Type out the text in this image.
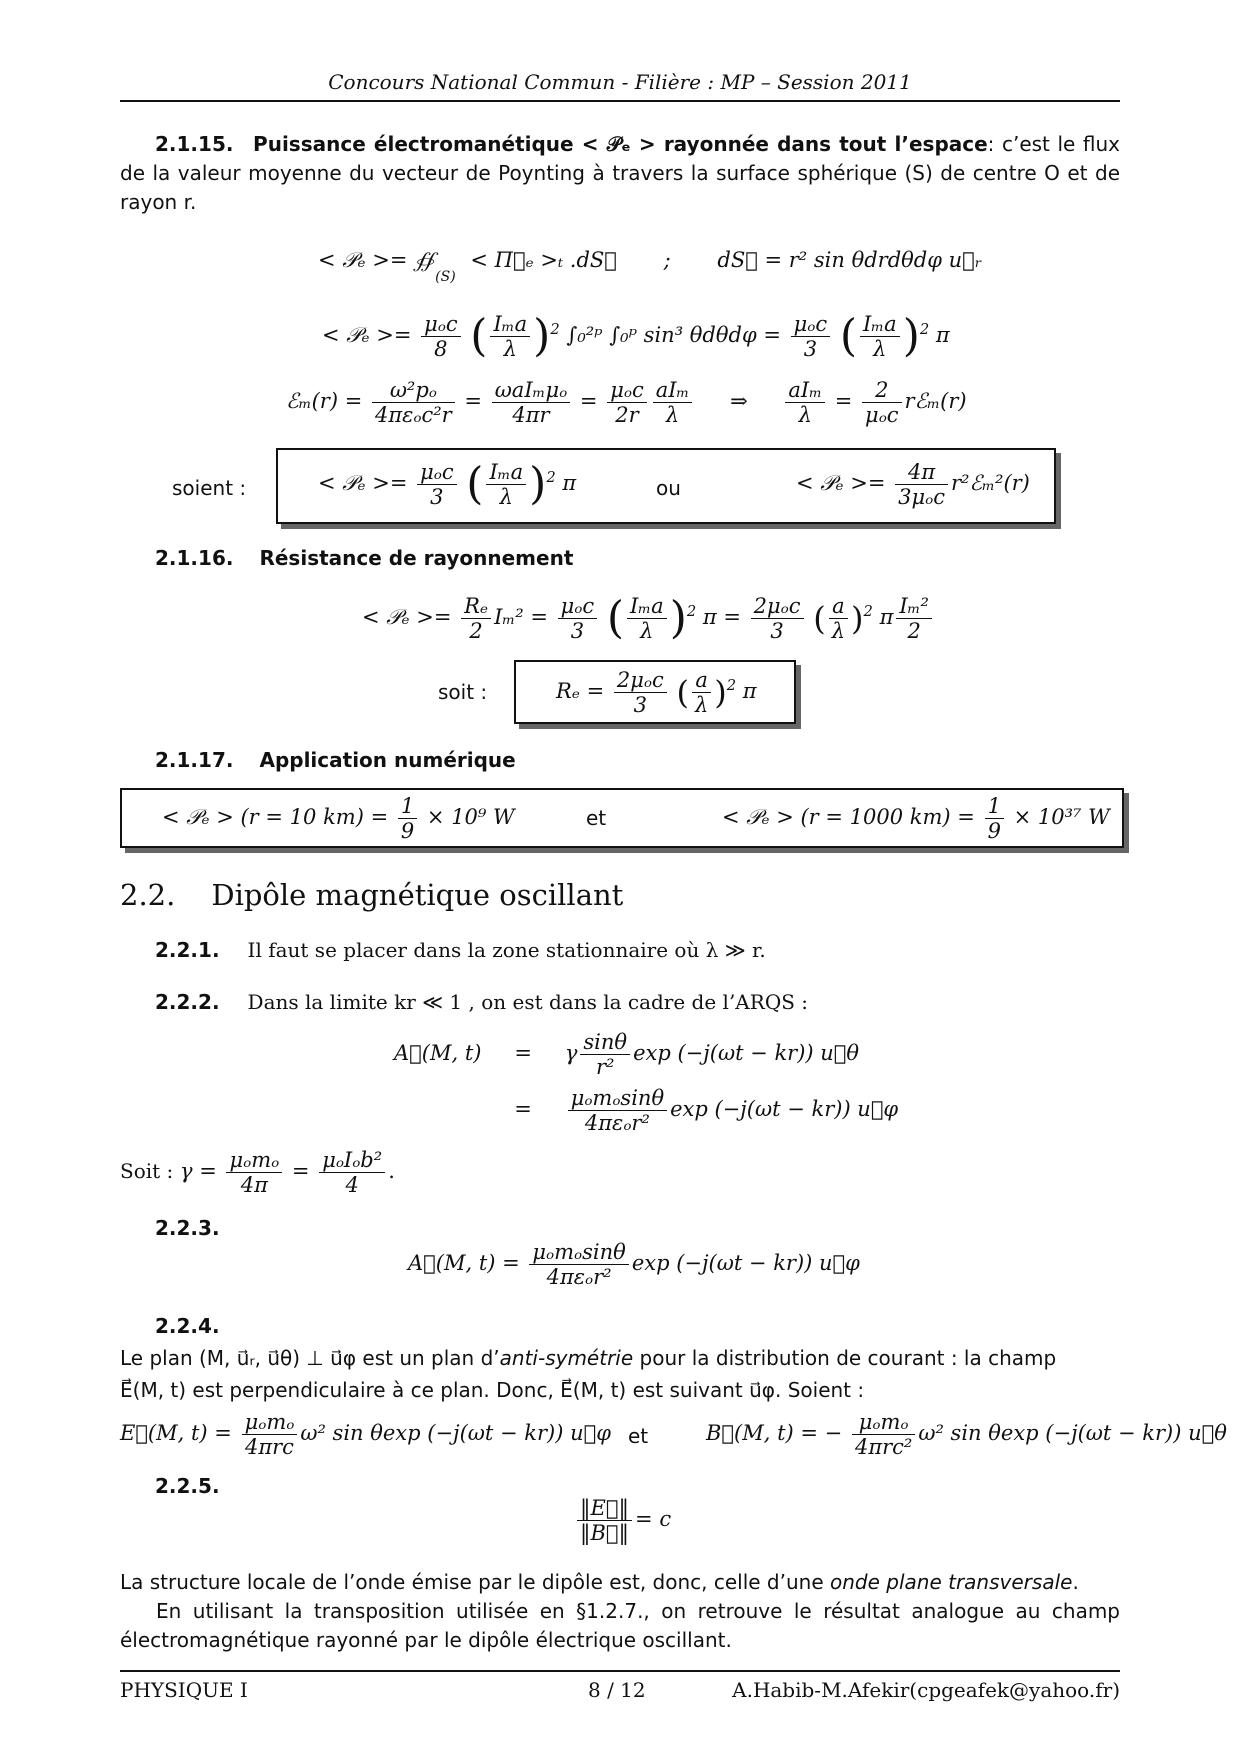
Concours National Commun - Filière : MP – Session 2011
2.1.15. Puissance électromanétique < 𝒫ₑ > rayonnée dans tout l’espace: c’est le flux de la valeur moyenne du vecteur de Poynting à travers la surface sphérique (S) de centre O et de rayon r.
< 𝒫ₑ >= $∯_{(S)}$ < Π⃗ₑ >ₜ .dS⃗ ; dS⃗ = r² sin θdrdθdφ u⃗ᵣ
< 𝒫ₑ >= $\frac{\text{μₒc}}{8}$ ( $\frac{\text{Iₘa}}{\lambda} )^2$ ∫₀²ᵖ ∫₀ᵖ sin³ $\theta d\theta d\varphi = \frac{\text{μₒc}}{3}$ ( $\frac{\text{Iₘa}}{\lambda} )^2$ π
ℰₘ(r) = $\frac{\text{ω²pₒ}}{\text{4πεₒc²r}} = \frac{\text{ωaIₘμₒ}}{4\pi r} = \frac{\text{μₒc}}{2r} \frac{\text{aIₘ}}{\lambda}$ ⇒ $\frac{\text{aIₘ}}{\lambda} = \frac{2}{\text{μₒc}}$ rℰₘ(r)
soient :	< 𝒫ₑ >= $\frac{\text{μₒc}}{3}$ ( $\frac{\text{Iₘa}}{\lambda} )^2$ π	ou	< 𝒫ₑ >= $\frac{4\pi}{\text{3μₒc}}$ r²ℰₘ²(r)
2.1.16. Résistance de rayonnement
< 𝒫ₑ >= $\frac{\text{Rₑ}}{2} I_m^2 = \frac{\text{μₒc}}{3}$ ( $\frac{\text{Iₘa}}{\lambda} )^2$ $\pi = \frac{\text{2μₒc}}{3}$ ( $\frac{a}{\lambda} )^2$ π $\frac{\text{Iₘ²}}{2}$
soit :	$R_e = \frac{\text{2μₒc}}{3}$ ( $\frac{a}{\lambda} )^2$ π
2.1.17. Application numérique
< 𝒫ₑ > (r = 10 $km) = \frac{1}{9} \times 10^9$ W	et	< 𝒫ₑ > (r = 1000 $km) = \frac{1}{9} \times 10^{37}$ W
2.2. Dipôle magnétique oscillant
2.2.1. Il faut se placer dans la zone stationnaire où λ ≫ r.
2.2.2. Dans la limite kr ≪ 1 , on est dans la cadre de l’ARQS :
A⃗(M, t) = γ $\frac{\sin\theta}{\text{r²}}$ exp (−j(ωt − kr)) u⃗θ
= $\frac{\text{μₒmₒsinθ}}{\text{4πεₒr²}}$ exp (−j(ωt − kr)) u⃗φ
Soit : $\gamma = \frac{\text{μₒmₒ}}{4\pi} = \frac{\text{μₒIₒb²}}{4}$ .
2.2.3.
A⃗(M, $t) = \frac{\text{μₒmₒsinθ}}{\text{4πεₒr²}}$ exp (−j(ωt − kr)) u⃗φ
2.2.4.
Le plan (M, u⃗ᵣ, u⃗θ) ⊥ u⃗φ est un plan d’anti-symétrie pour la distribution de courant : la champ
E⃗(M, t) est perpendiculaire à ce plan. Donc, E⃗(M, t) est suivant u⃗φ. Soient :
E⃗(M, $t) = \frac{\text{μₒmₒ}}{\text{4πrc}} \omega^2$ sin θexp (−j(ωt − kr)) u⃗φ et	B⃗(M, t) = − $\frac{\text{μₒmₒ}}{\text{4πrc²}} \omega^2$ sin θexp (−j(ωt − kr)) u⃗θ
2.2.5.
$\frac{‖E⃗‖}{‖B⃗‖} = c$

La structure locale de l’onde émise par le dipôle est, donc, celle d’une onde plane transversale.

En utilisant la transposition utilisée en §1.2.7., on retrouve le résultat analogue au champ électromagnétique rayonné par le dipôle électrique oscillant.

PHYSIQUE I	8 / 12	A.Habib-M.Afekir(cpgeafek@yahoo.fr)
